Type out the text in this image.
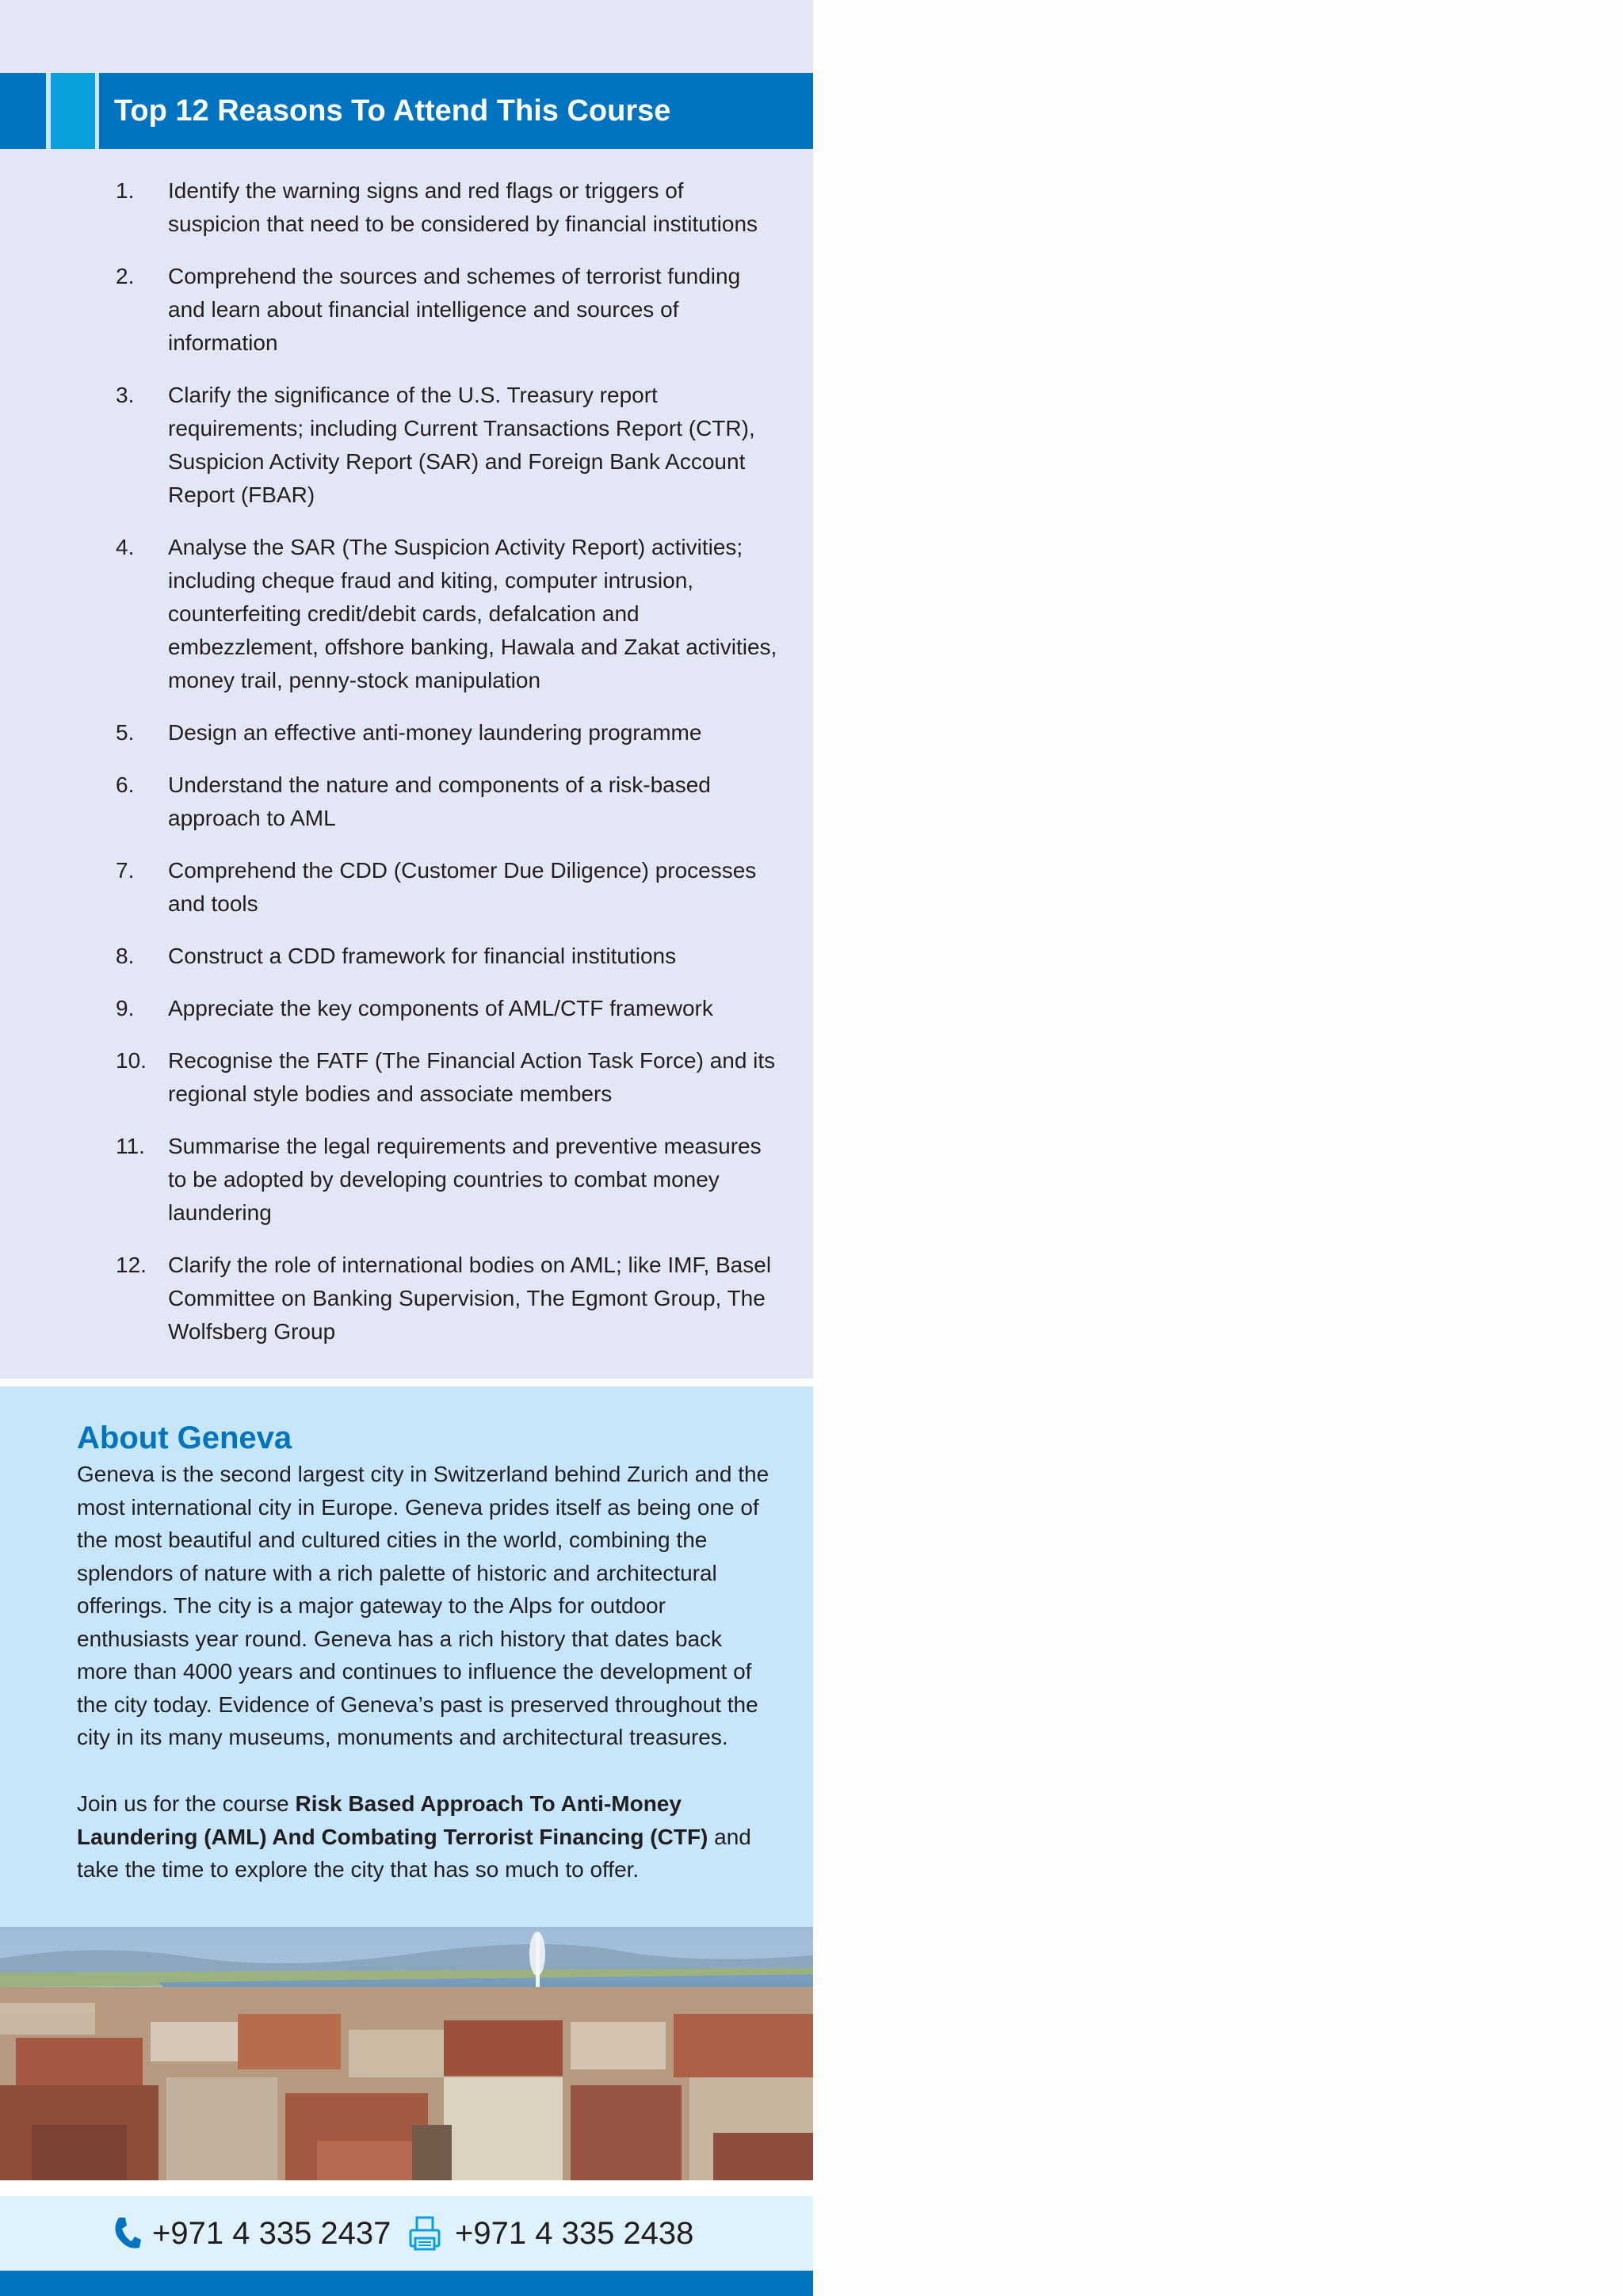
Top 12 Reasons To Attend This Course
1.	Identify the warning signs and red flags or triggers of suspicion that need to be considered by financial institutions
2.	Comprehend the sources and schemes of terrorist funding and learn about financial intelligence and sources of information
3.	Clarify the significance of the U.S. Treasury report requirements; including Current Transactions Report (CTR), Suspicion Activity Report (SAR) and Foreign Bank Account Report (FBAR)
4.	Analyse the SAR (The Suspicion Activity Report) activities; including cheque fraud and kiting, computer intrusion, counterfeiting credit/debit cards, defalcation and embezzlement, offshore banking, Hawala and Zakat activities, money trail, penny-stock manipulation
5.	Design an effective anti-money laundering programme
6.	Understand the nature and components of a risk-based approach to AML
7.	Comprehend the CDD (Customer Due Diligence) processes and tools
8.	Construct a CDD framework for financial institutions
9.	Appreciate the key components of AML/CTF framework
10. Recognise the FATF (The Financial Action Task Force) and its regional style bodies and associate members
11.	Summarise the legal requirements and preventive measures to be adopted by developing countries to combat money laundering
12. Clarify the role of international bodies on AML; like IMF, Basel Committee on Banking Supervision, The Egmont Group, The Wolfsberg Group
About Geneva

Geneva is the second largest city in Switzerland behind Zurich and the most international city in Europe. Geneva prides itself as being one of the most beautiful and cultured cities in the world, combining the splendors of nature with a rich palette of historic and architectural offerings. The city is a major gateway to the Alps for outdoor enthusiasts year round. Geneva has a rich history that dates back more than 4000 years and continues to influence the development of the city today. Evidence of Geneva’s past is preserved throughout the city in its many museums, monuments and architectural treasures.

Join us for the course Risk Based Approach To Anti-Money Laundering (AML) And Combating Terrorist Financing (CTF) and take the time to explore the city that has so much to offer.

+971 4 335 2437 +971 4 335 2438
